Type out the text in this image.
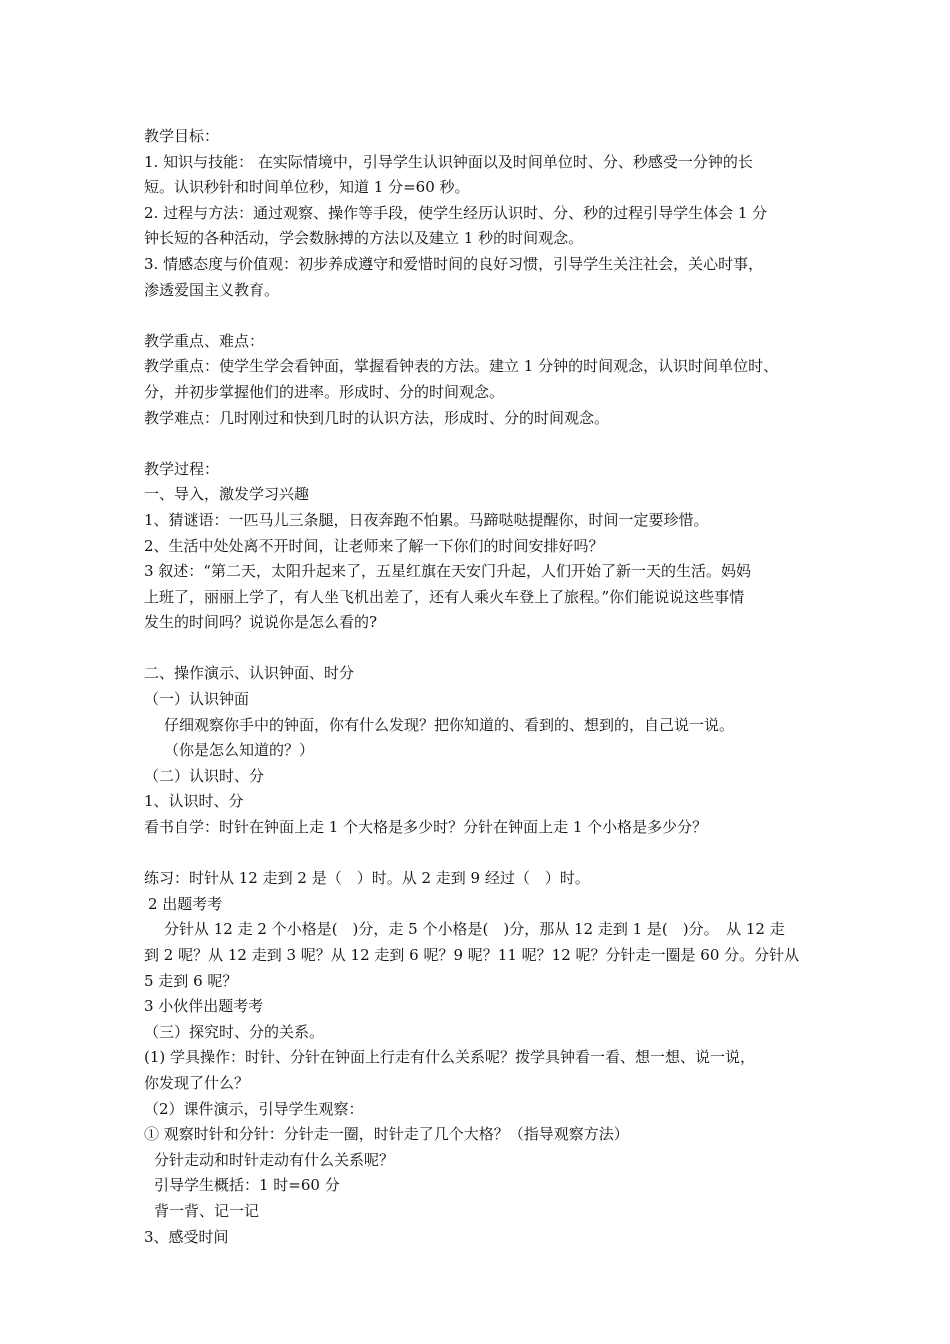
教学目标：
1. 知识与技能： 在实际情境中，引导学生认识钟面以及时间单位时、分、秒感受一分钟的长
短。认识秒针和时间单位秒，知道 1 分=60 秒。
2. 过程与方法：通过观察、操作等手段，使学生经历认识时、分、秒的过程引导学生体会 1 分
钟长短的各种活动，学会数脉搏的方法以及建立 1 秒的时间观念。
3. 情感态度与价值观：初步养成遵守和爱惜时间的良好习惯，引导学生关注社会，关心时事，
渗透爱国主义教育。
教学重点、难点：
教学重点：使学生学会看钟面，掌握看钟表的方法。建立 1 分钟的时间观念，认识时间单位时、
分，并初步掌握他们的进率。形成时、分的时间观念。
教学难点：几时刚过和快到几时的认识方法，形成时、分的时间观念。
教学过程：
一、导入，激发学习兴趣
1、猜谜语：一匹马儿三条腿，日夜奔跑不怕累。马蹄哒哒提醒你，时间一定要珍惜。
2、生活中处处离不开时间，让老师来了解一下你们的时间安排好吗？
3 叙述：“第二天，太阳升起来了，五星红旗在天安门升起，人们开始了新一天的生活。妈妈
上班了，丽丽上学了，有人坐飞机出差了，还有人乘火车登上了旅程。”你们能说说这些事情
发生的时间吗？说说你是怎么看的?
二、操作演示、认识钟面、时分
（一）认识钟面
仔细观察你手中的钟面，你有什么发现？把你知道的、看到的、想到的，自己说一说。
（你是怎么知道的？）
（二）认识时、分
1、认识时、分
看书自学：时针在钟面上走 1 个大格是多少时？分针在钟面上走 1 个小格是多少分？
练习：时针从 12 走到 2 是（　）时。从 2 走到 9 经过（　）时。
2 出题考考
分针从 12 走 2 个小格是(　)分，走 5 个小格是(　)分，那从 12 走到 1 是(　)分。　从 12 走
到 2 呢？从 12 走到 3 呢？从 12 走到 6 呢？9 呢？11 呢？12 呢？分针走一圈是 60 分。分针从
5 走到 6 呢？
3 小伙伴出题考考
（三）探究时、分的关系。
(1) 学具操作：时针、分针在钟面上行走有什么关系呢？拨学具钟看一看、想一想、说一说，
你发现了什么？
（2）课件演示，引导学生观察：
① 观察时针和分针：分针走一圈，时针走了几个大格？（指导观察方法）
分针走动和时针走动有什么关系呢？
引导学生概括：1 时=60 分
背一背、记一记
3、感受时间
